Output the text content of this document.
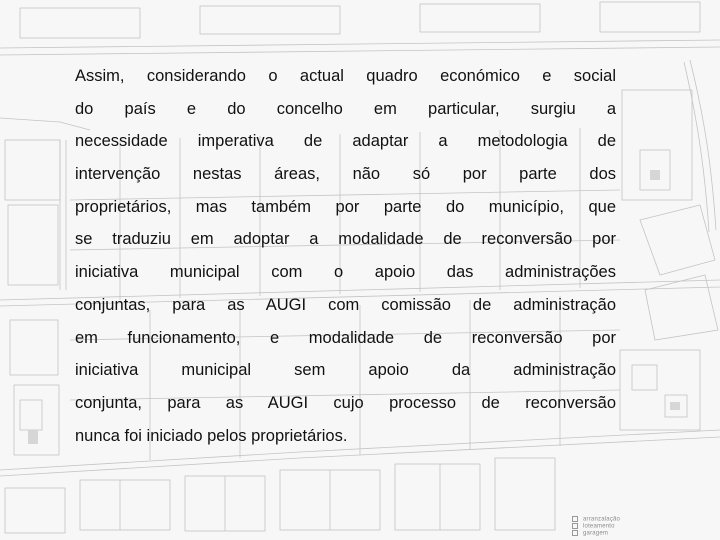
Assim, considerando o actual quadro económico e social
do país e do concelho em particular, surgiu a
necessidade imperativa de adaptar a metodologia de
intervenção nestas áreas, não só por parte dos
proprietários, mas também por parte do município, que
se traduziu em adoptar a modalidade de reconversão por
iniciativa municipal com o apoio das administrações
conjuntas, para as AUGI com comissão de administração
em funcionamento, e modalidade de reconversão por
iniciativa municipal sem apoio da administração
conjunta, para as AUGI cujo processo de reconversão
nunca foi iniciado pelos proprietários.
arranzalação
loteamento
garagem
